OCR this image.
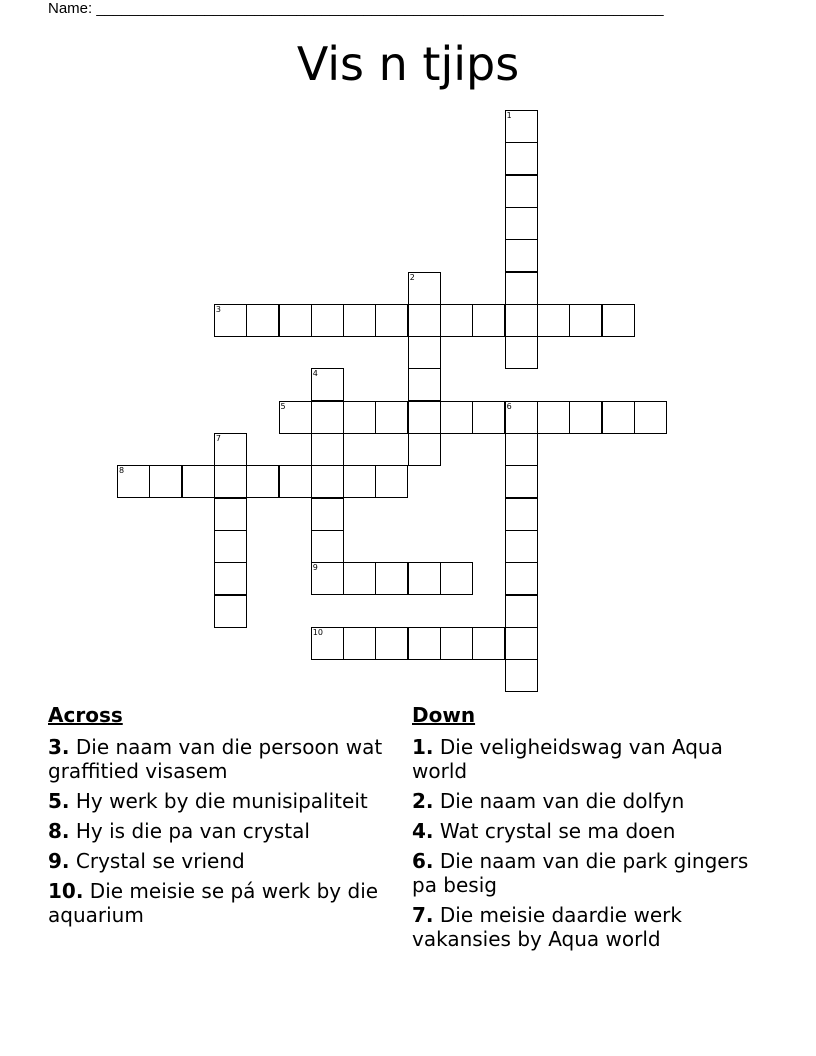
Name: ____________________________________________________________________
Vis n tjips
1
2
3
4
5	6
7
8
9
10
Across
3. Die naam van die persoon wat graffitied visasem
5. Hy werk by die munisipaliteit
8. Hy is die pa van crystal
9. Crystal se vriend
10. Die meisie se pá werk by die aquarium
Down
1. Die veligheidswag van Aqua world
2. Die naam van die dolfyn
4. Wat crystal se ma doen
6. Die naam van die park gingers pa besig
7. Die meisie daardie werk vakansies by Aqua world
